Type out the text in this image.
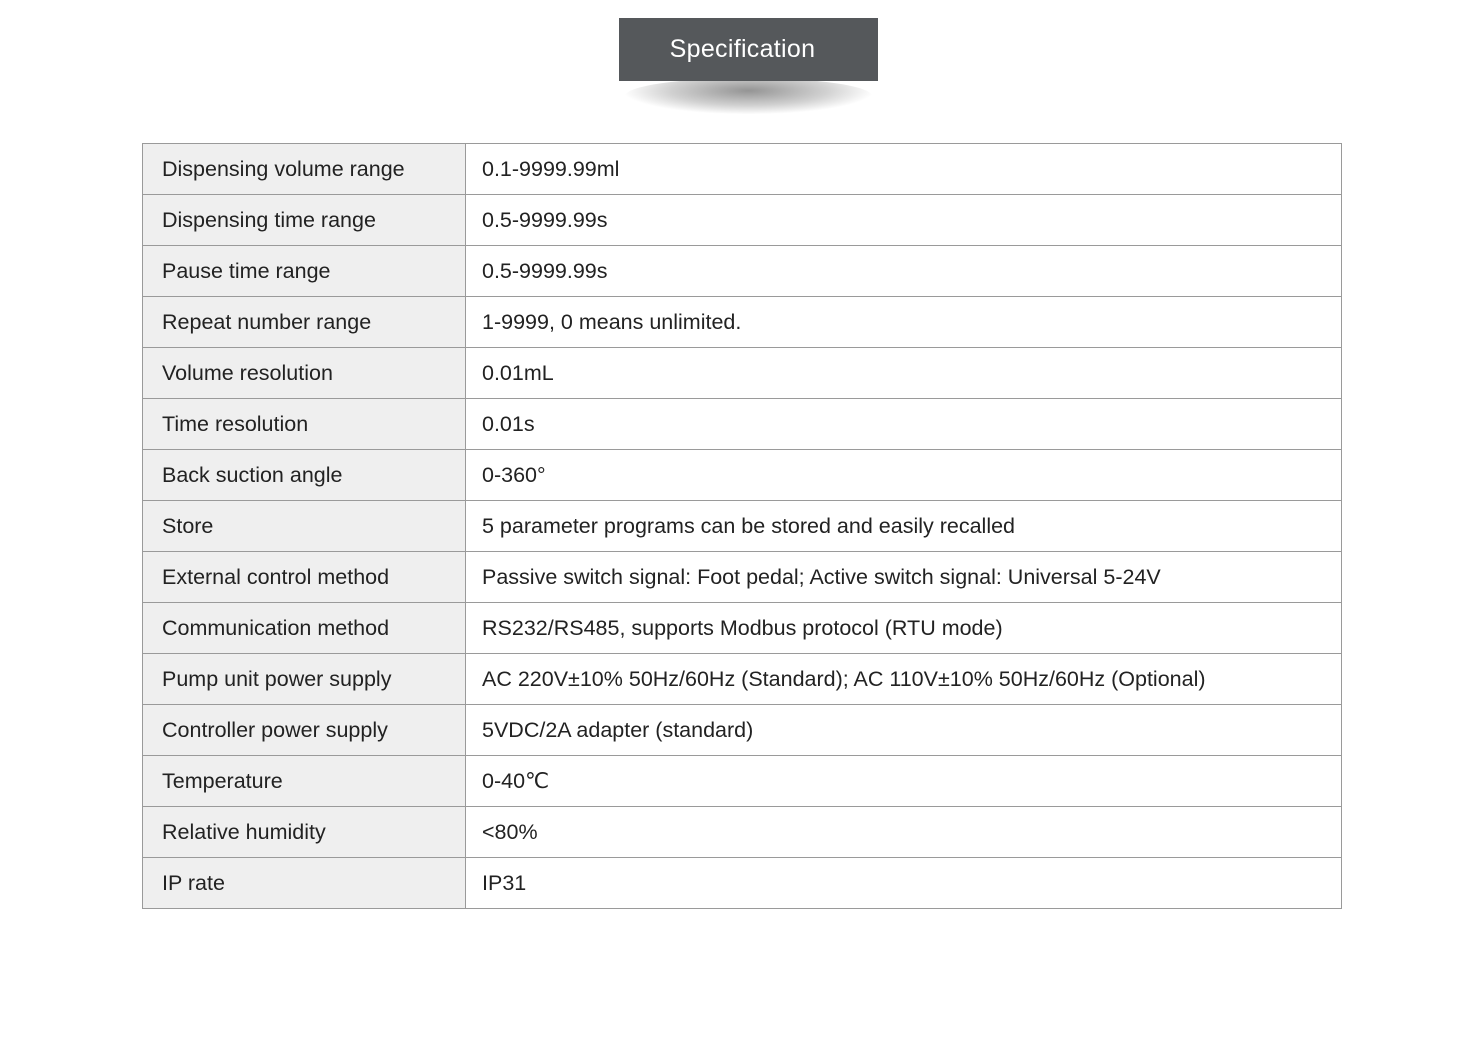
Specification
Dispensing volume range	0.1-9999.99ml
Dispensing time range	0.5-9999.99s
Pause time range	0.5-9999.99s
Repeat number range	1-9999, 0 means unlimited.
Volume resolution	0.01mL
Time resolution	0.01s
Back suction angle	0-360°
Store	5 parameter programs can be stored and easily recalled
External control method	Passive switch signal: Foot pedal; Active switch signal: Universal 5-24V
Communication method	RS232/RS485, supports Modbus protocol (RTU mode)
Pump unit power supply	AC 220V±10% 50Hz/60Hz (Standard); AC 110V±10% 50Hz/60Hz (Optional)
Controller power supply	5VDC/2A adapter (standard)
Temperature	0-40℃
Relative humidity	<80%
IP rate	IP31
